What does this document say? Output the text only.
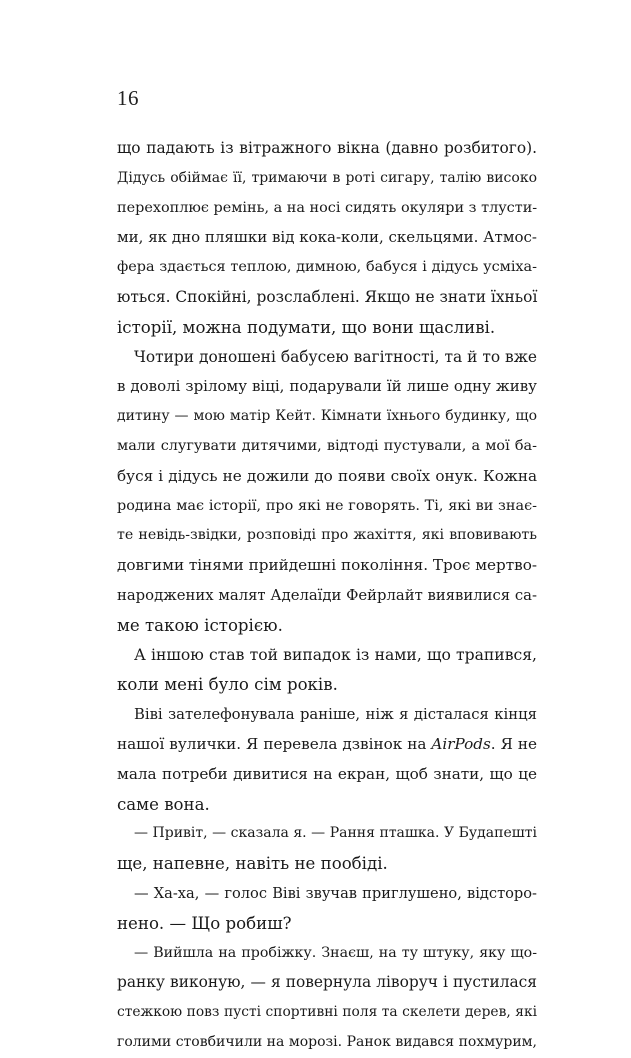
16
що падають із вітражного вікна (давно розбитого).
Дідусь обіймає її, тримаючи в роті сигару, талію високо
перехоплює ремінь, а на носі сидять окуляри з тлусти-
ми, як дно пляшки від кока-коли, скельцями. Атмос-
фера здається теплою, димною, бабуся і дідусь усміха-
ються. Спокійні, розслаблені. Якщо не знати їхньої
історії, можна подумати, що вони щасливі.
Чотири доношені бабусею вагітності, та й то вже
в доволі зрілому віці, подарували їй лише одну живу
дитину — мою матір Кейт. Кімнати їхнього будинку, що
мали слугувати дитячими, відтоді пустували, а мої ба-
буся і дідусь не дожили до появи своїх онук. Кожна
родина має історії, про які не говорять. Ті, які ви знає-
те невідь-звідки, розповіді про жахіття, які вповивають
довгими тінями прийдешні покоління. Троє мертво-
народжених малят Аделаїди Фейрлайт виявилися са-
ме такою історією.
А іншою став той випадок із нами, що трапився,
коли мені було сім років.
Віві зателефонувала раніше, ніж я дісталася кінця
нашої вулички. Я перевела дзвінок на AirPods. Я не
мала потреби дивитися на екран, щоб знати, що це
саме вона.
— Привіт, — сказала я. — Рання пташка. У Будапешті
ще, напевне, навіть не пообіді.
— Ха-ха, — голос Віві звучав приглушено, відсторо-
нено. — Що робиш?
— Вийшла на пробіжку. Знаєш, на ту штуку, яку що-
ранку виконую, — я повернула ліворуч і пустилася
стежкою повз пусті спортивні поля та скелети дерев, які
голими стовбичили на морозі. Ранок видався похмурим,
